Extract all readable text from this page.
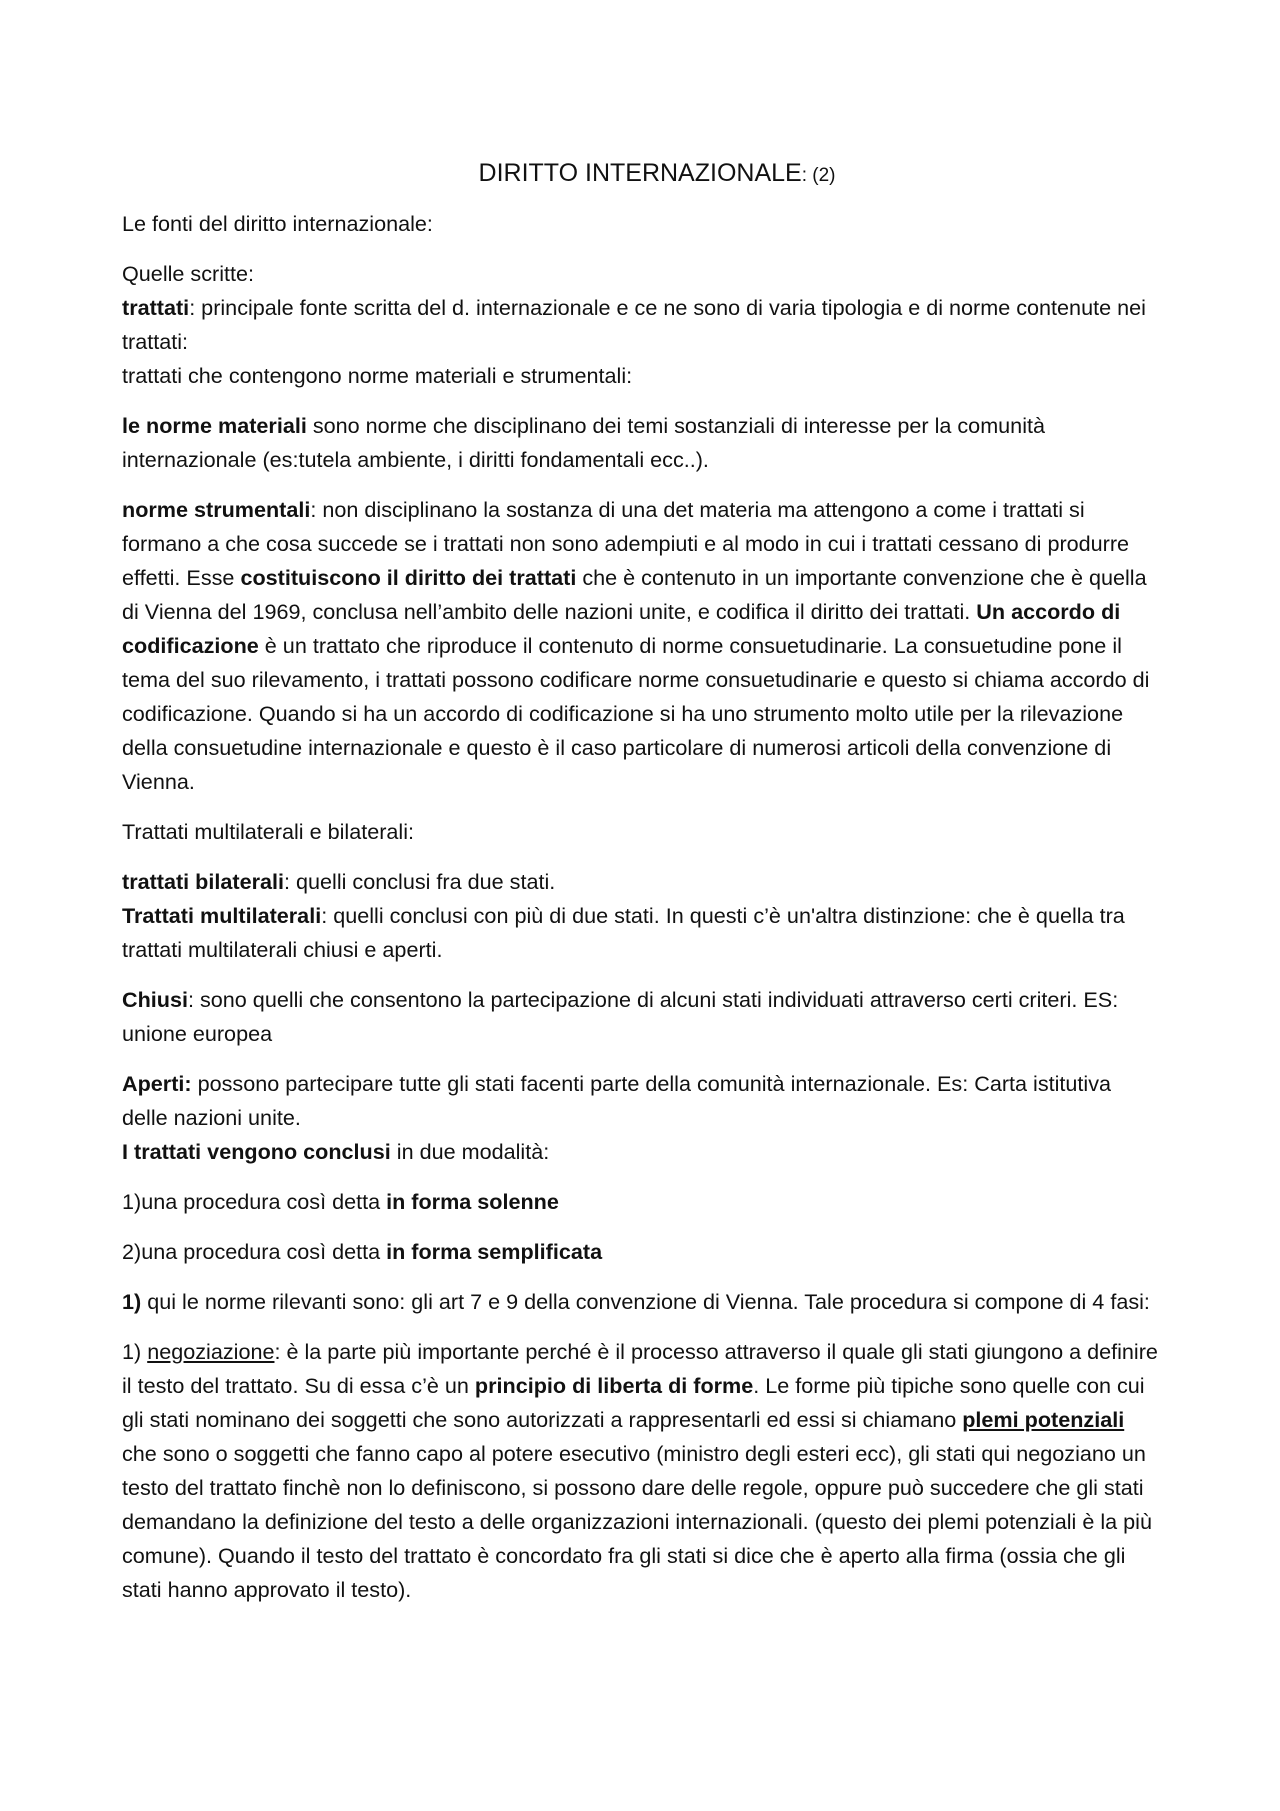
DIRITTO INTERNAZIONALE: (2)

Le fonti del diritto internazionale:

Quelle scritte:

trattati: principale fonte scritta del d. internazionale e ce ne sono di varia tipologia e di norme contenute nei trattati:

trattati che contengono norme materiali e strumentali:

le norme materiali sono norme che disciplinano dei temi sostanziali di interesse per la comunità internazionale (es:tutela ambiente, i diritti fondamentali ecc..).

norme strumentali: non disciplinano la sostanza di una det materia ma attengono a come i trattati si formano a che cosa succede se i trattati non sono adempiuti e al modo in cui i trattati cessano di produrre effetti. Esse costituiscono il diritto dei trattati che è contenuto in un importante convenzione che è quella di Vienna del 1969, conclusa nell’ambito delle nazioni unite, e codifica il diritto dei trattati. Un accordo di codificazione è un trattato che riproduce il contenuto di norme consuetudinarie. La consuetudine pone il tema del suo rilevamento, i trattati possono codificare norme consuetudinarie e questo si chiama accordo di codificazione. Quando si ha un accordo di codificazione si ha uno strumento molto utile per la rilevazione della consuetudine internazionale e questo è il caso particolare di numerosi articoli della convenzione di Vienna.

Trattati multilaterali e bilaterali:

trattati bilaterali: quelli conclusi fra due stati.

Trattati multilaterali: quelli conclusi con più di due stati. In questi c’è un'altra distinzione: che è quella tra trattati multilaterali chiusi e aperti.

Chiusi: sono quelli che consentono la partecipazione di alcuni stati individuati attraverso certi criteri. ES: unione europea

Aperti: possono partecipare tutte gli stati facenti parte della comunità internazionale. Es: Carta istitutiva delle nazioni unite.

I trattati vengono conclusi in due modalità:

1)una procedura così detta in forma solenne

2)una procedura così detta in forma semplificata

1) qui le norme rilevanti sono: gli art 7 e 9 della convenzione di Vienna. Tale procedura si compone di 4 fasi:

1) negoziazione: è la parte più importante perché è il processo attraverso il quale gli stati giungono a definire il testo del trattato. Su di essa c’è un principio di liberta di forme. Le forme più tipiche sono quelle con cui gli stati nominano dei soggetti che sono autorizzati a rappresentarli ed essi si chiamano plemi potenziali che sono o soggetti che fanno capo al potere esecutivo (ministro degli esteri ecc), gli stati qui negoziano un testo del trattato finchè non lo definiscono, si possono dare delle regole, oppure può succedere che gli stati demandano la definizione del testo a delle organizzazioni internazionali. (questo dei plemi potenziali è la più comune). Quando il testo del trattato è concordato fra gli stati si dice che è aperto alla firma (ossia che gli stati hanno approvato il testo).
